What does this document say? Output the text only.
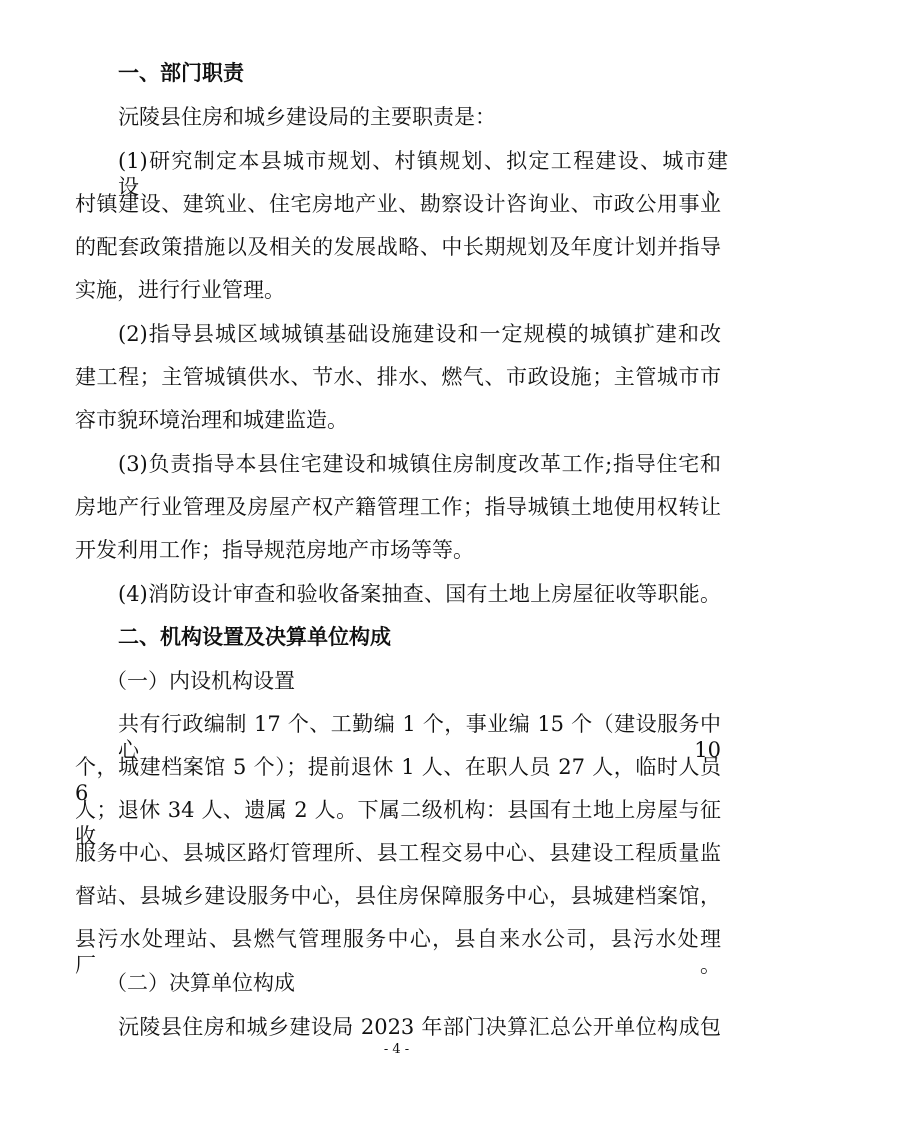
一、部门职责
沅陵县住房和城乡建设局的主要职责是：
(1)研究制定本县城市规划、村镇规划、拟定工程建设、城市建设、
村镇建设、建筑业、住宅房地产业、勘察设计咨询业、市政公用事业
的配套政策措施以及相关的发展战略、中长期规划及年度计划并指导
实施，进行行业管理。
(2)指导县城区域城镇基础设施建设和一定规模的城镇扩建和改
建工程；主管城镇供水、节水、排水、燃气、市政设施；主管城市市
容市貌环境治理和城建监造。
(3)负责指导本县住宅建设和城镇住房制度改革工作;指导住宅和
房地产行业管理及房屋产权产籍管理工作；指导城镇土地使用权转让
开发利用工作；指导规范房地产市场等等。
(4)消防设计审查和验收备案抽查、国有土地上房屋征收等职能。
二、机构设置及决算单位构成
（一）内设机构设置
共有行政编制 17 个、工勤编 1 个，事业编 15 个（建设服务中心 10
个，城建档案馆 5 个）；提前退休 1 人、在职人员 27 人，临时人员 6
人；退休 34 人、遗属 2 人。下属二级机构：县国有土地上房屋与征收
服务中心、县城区路灯管理所、县工程交易中心、县建设工程质量监
督站、县城乡建设服务中心，县住房保障服务中心，县城建档案馆，
县污水处理站、县燃气管理服务中心，县自来水公司，县污水处理厂。
（二）决算单位构成
沅陵县住房和城乡建设局 2023 年部门决算汇总公开单位构成包
- 4 -
